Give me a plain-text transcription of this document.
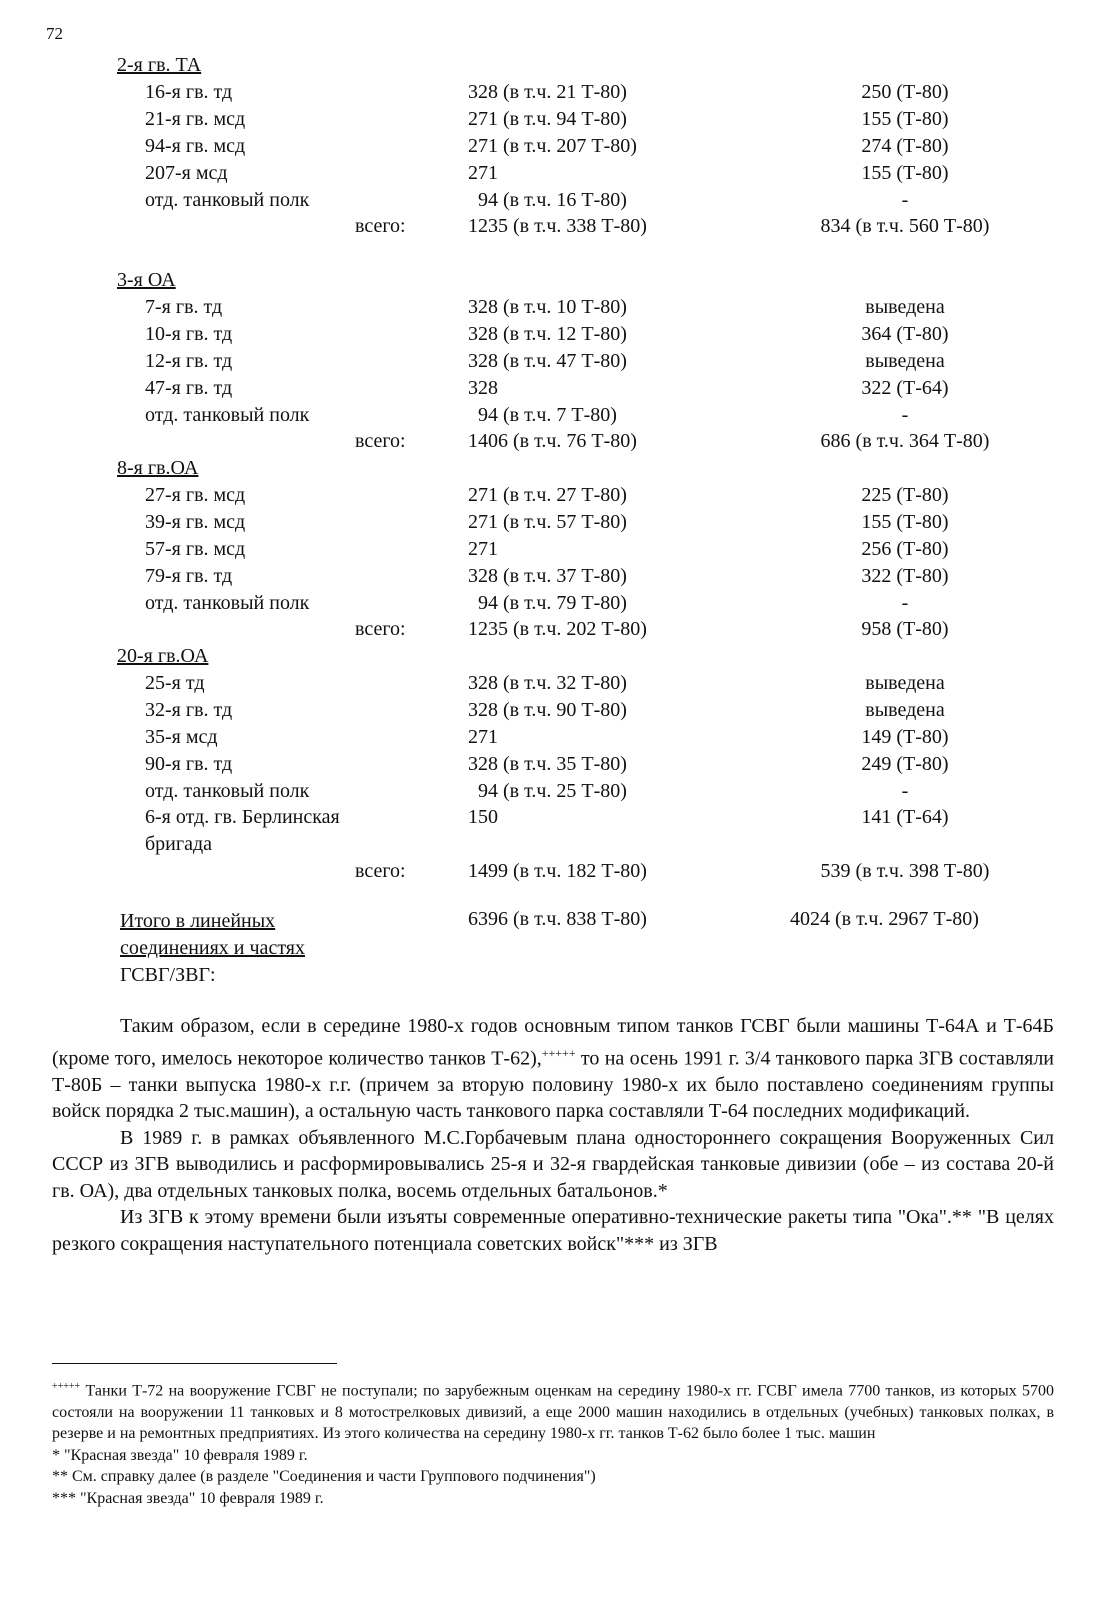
72
2-я гв. ТА
16-я гв. тд	328 (в т.ч. 21 Т-80)	250 (Т-80)
21-я гв. мсд	271 (в т.ч. 94 Т-80)	155 (Т-80)
94-я гв. мсд	271 (в т.ч. 207 Т-80)	274 (Т-80)
207-я мсд	271	155 (Т-80)
отд. танковый полк	94 (в т.ч. 16 Т-80)	-
всего:	1235 (в т.ч. 338 Т-80)	834 (в т.ч. 560 Т-80)
3-я ОА
7-я гв. тд	328 (в т.ч. 10 Т-80)	выведена
10-я гв. тд	328 (в т.ч. 12 Т-80)	364 (Т-80)
12-я гв. тд	328 (в т.ч. 47 Т-80)	выведена
47-я гв. тд	328	322 (Т-64)
отд. танковый полк	94 (в т.ч. 7 Т-80)	-
всего:	1406 (в т.ч. 76 Т-80)	686 (в т.ч. 364 Т-80)
8-я гв.ОА
27-я гв. мсд	271 (в т.ч. 27 Т-80)	225 (Т-80)
39-я гв. мсд	271 (в т.ч. 57 Т-80)	155 (Т-80)
57-я гв. мсд	271	256 (Т-80)
79-я гв. тд	328 (в т.ч. 37 Т-80)	322 (Т-80)
отд. танковый полк	94 (в т.ч. 79 Т-80)	-
всего:	1235 (в т.ч. 202 Т-80)	958 (Т-80)
20-я гв.ОА
25-я тд	328 (в т.ч. 32 Т-80)	выведена
32-я гв. тд	328 (в т.ч. 90 Т-80)	выведена
35-я мсд	271	149 (Т-80)
90-я гв. тд	328 (в т.ч. 35 Т-80)	249 (Т-80)
отд. танковый полк	94 (в т.ч. 25 Т-80)	-
6-я отд. гв. Берлинская	150	141 (Т-64)
бригада
всего:	1499 (в т.ч. 182 Т-80)	539 (в т.ч. 398 Т-80)
Итого в линейных
соединениях и частях
ГСВГ/ЗВГ:
6396 (в т.ч. 838 Т-80)	4024 (в т.ч. 2967 Т-80)

Таким образом, если в середине 1980-х годов основным типом танков ГСВГ были машины Т-64А и Т-64Б (кроме того, имелось некоторое количество танков Т-62),+++++ то на осень 1991 г. 3/4 танкового парка ЗГВ составляли Т-80Б – танки выпуска 1980-х г.г. (причем за вторую половину 1980-х их было поставлено соединениям группы войск порядка 2 тыс.машин), а остальную часть танкового парка составляли Т-64 последних модификаций.

В 1989 г. в рамках объявленного М.С.Горбачевым плана одностороннего сокращения Вооруженных Сил СССР из ЗГВ выводились и расформировывались 25-я и 32-я гвардейская танковые дивизии (обе – из состава 20-й гв. ОА), два отдельных танковых полка, восемь отдельных батальонов.*

Из ЗГВ к этому времени были изъяты современные оперативно-технические ракеты типа "Ока".** "В целях резкого сокращения наступательного потенциала советских войск"*** из ЗГВ

+++++ Танки Т-72 на вооружение ГСВГ не поступали; по зарубежным оценкам на середину 1980-х гг. ГСВГ имела 7700 танков, из которых 5700 состояли на вооружении 11 танковых и 8 мотострелковых дивизий, а еще 2000 машин находились в отдельных (учебных) танковых полках, в резерве и на ремонтных предприятиях. Из этого количества на середину 1980-х гг. танков Т-62 было более 1 тыс. машин

* "Красная звезда" 10 февраля 1989 г.

** См. справку далее (в разделе "Соединения и части Группового подчинения")

*** "Красная звезда" 10 февраля 1989 г.
